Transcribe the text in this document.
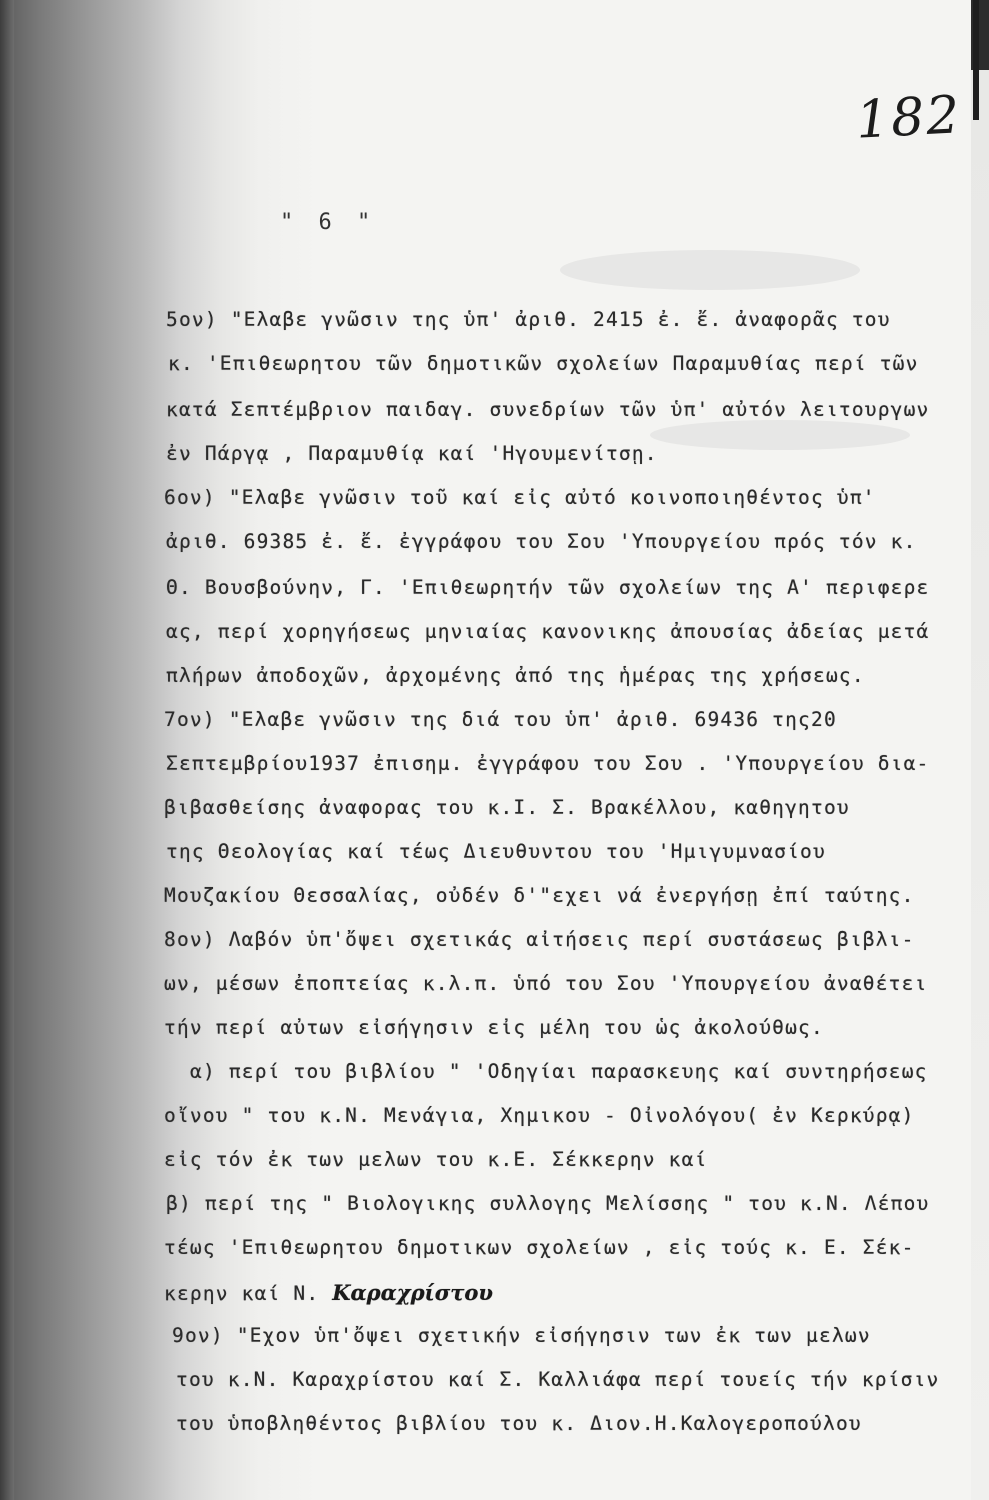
182
" 6 "
5ον) "Ελαβε γνῶσιν της ὑπ' ἀριθ. 2415 ἐ. ἔ. ἀναφορᾶς του
κ. 'Επιθεωρητου τῶν δημοτικῶν σχολείων Παραμυθίας περί τῶν
κατά Σεπτέμβριον παιδαγ. συνεδρίων τῶν ὑπ' αὐτόν λειτουργων
ἐν Πάργᾳ , Παραμυθίᾳ καί 'Ηγουμενίτσῃ.
6ον) "Ελαβε γνῶσιν τοῦ καί εἰς αὐτό κοινοποιηθέντος ὑπ'
ἀριθ. 69385 ἐ. ἔ. ἐγγράφου του Σου 'Υπουργείου πρός τόν κ.
Θ. Βουσβούνην, Γ. 'Επιθεωρητήν τῶν σχολείων της Α' περιφερε
ας, περί χορηγήσεως μηνιαίας κανονικης ἀπουσίας ἀδείας μετά
πλήρων ἀποδοχῶν, ἀρχομένης ἀπό της ἡμέρας της χρήσεως.
7ον) "Ελαβε γνῶσιν της διά του ὑπ' ἀριθ. 69436 της20
Σεπτεμβρίου1937 ἐπισημ. ἐγγράφου του Σου . 'Υπουργείου δια-
βιβασθείσης ἀναφορας του κ.Ι. Σ. Βρακέλλου, καθηγητου
της Θεολογίας καί τέως Διευθυντου του 'Ημιγυμνασίου
Μουζακίου Θεσσαλίας, οὐδέν δ'"εχει νά ἐνεργήσῃ ἐπί ταύτης.
8ον) Λαβόν ὑπ'ὄψει σχετικάς αἰτήσεις περί συστάσεως βιβλι-
ων, μέσων ἐποπτείας κ.λ.π. ὑπό του Σου 'Υπουργείου ἀναθέτει
τήν περί αὐτων εἰσήγησιν εἰς μέλη του ὡς ἀκολούθως.
α) περί του βιβλίου " 'Οδηγίαι παρασκευης καί συντηρήσεως
οἴνου " του κ.Ν. Μενάγια, Χημικου - Οἰνολόγου( ἐν Κερκύρᾳ)
εἰς τόν ἐκ των μελων του κ.Ε. Σέκκερην καί
β) περί της " Βιολογικης συλλογης Μελίσσης " του κ.Ν. Λέπου
τέως 'Επιθεωρητου δημοτικων σχολείων , εἰς τούς κ. Ε. Σέκ-
κερην καί Ν. Καραχρίστου
9ον) "Εχον ὑπ'ὄψει σχετικήν εἰσήγησιν των ἐκ των μελων
του κ.Ν. Καραχρίστου καί Σ. Καλλιάφα περί τουείς τήν κρίσιν
του ὑποβληθέντος βιβλίου του κ. Διον.Η.Καλογεροπούλου
